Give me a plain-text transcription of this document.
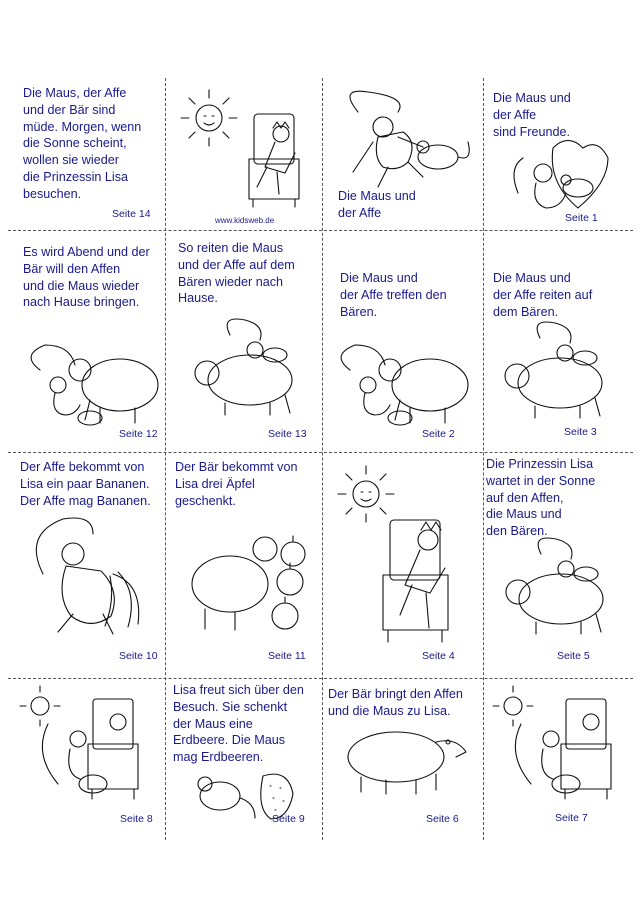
Die Maus, der Affe
und der Bär sind
müde. Morgen, wenn
die Sonne scheint,
wollen sie wieder
die Prinzessin Lisa
besuchen.
Seite 14
www.kidsweb.de
Die Maus und
der Affe
Die Maus und
der Affe
sind Freunde.
Seite 1
Es wird Abend und der
Bär will den Affen
und die Maus wieder
nach Hause bringen.
Seite 12
So reiten die Maus
und der Affe auf dem
Bären wieder nach
Hause.
Seite 13
Die Maus und
der Affe treffen den
Bären.
Seite 2
Die Maus und
der Affe reiten auf
dem Bären.
Seite 3
Der Affe bekommt von
Lisa ein paar Bananen.
Der Affe mag Bananen.
Seite 10
Der Bär bekommt von
Lisa drei Äpfel
geschenkt.
Seite 11	Seite 4
Die Prinzessin Lisa
wartet in der Sonne
auf den Affen,
die Maus und
den Bären.
Seite 5
Seite 8
Lisa freut sich über den
Besuch. Sie schenkt
der Maus eine
Erdbeere. Die Maus
mag Erdbeeren.
Seite 9
Der Bär bringt den Affen
und die Maus zu Lisa.
Seite 6	Seite 7
